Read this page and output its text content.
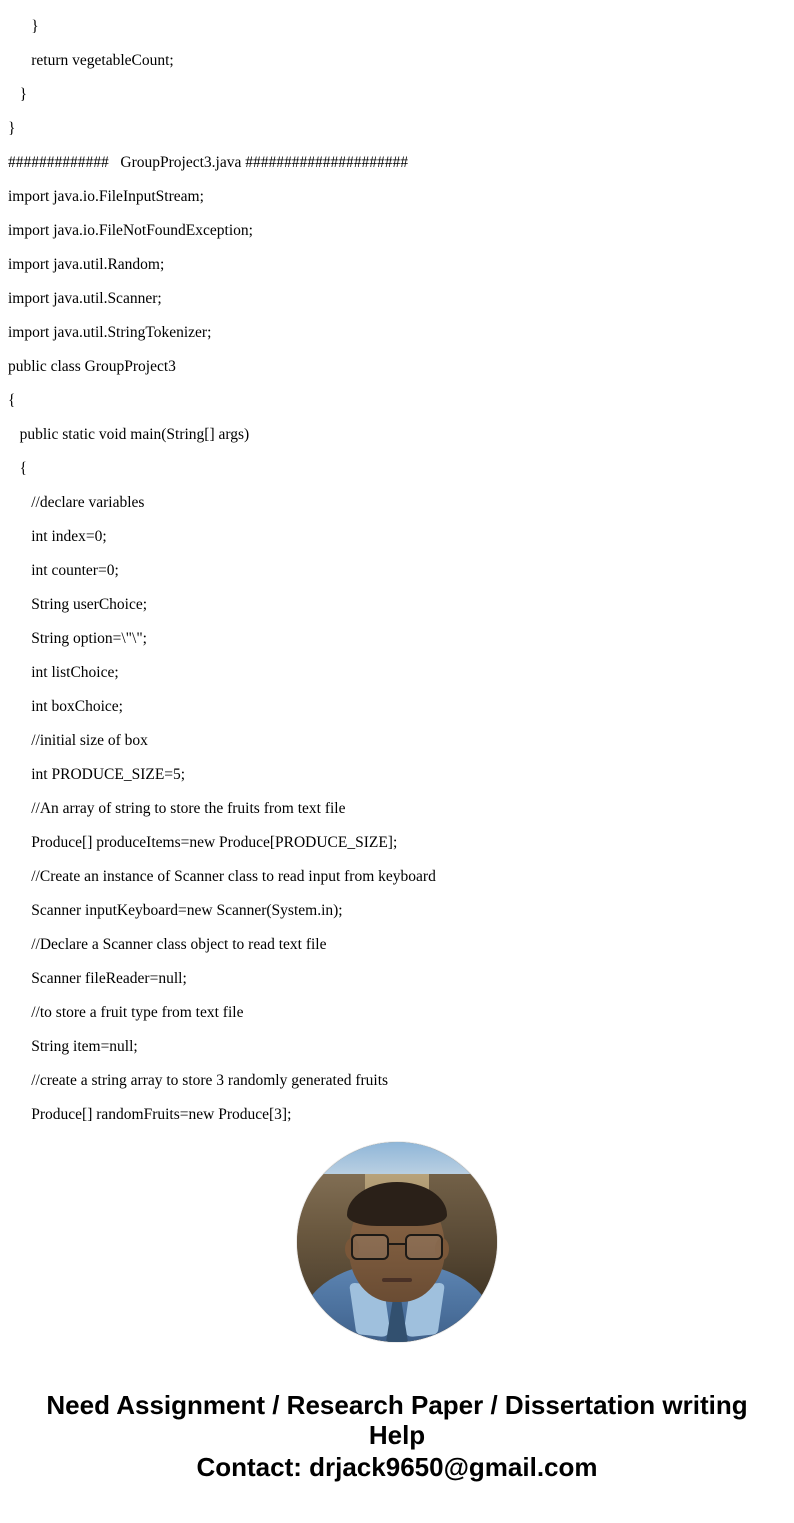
}
return vegetableCount;
}
}
#############   GroupProject3.java #####################
import java.io.FileInputStream;
import java.io.FileNotFoundException;
import java.util.Random;
import java.util.Scanner;
import java.util.StringTokenizer;
public class GroupProject3
{
public static void main(String[] args)
{
//declare variables
int index=0;
int counter=0;
String userChoice;
String option=\"\";
int listChoice;
int boxChoice;
//initial size of box
int PRODUCE_SIZE=5;
//An array of string to store the fruits from text file
Produce[] produceItems=new Produce[PRODUCE_SIZE];
//Create an instance of Scanner class to read input from keyboard
Scanner inputKeyboard=new Scanner(System.in);
//Declare a Scanner class object to read text file
Scanner fileReader=null;
//to store a fruit type from text file
String item=null;
//create a string array to store 3 randomly generated fruits
Produce[] randomFruits=new Produce[3];
Need Assignment / Research Paper / Dissertation writing Help
Contact: drjack9650@gmail.com
